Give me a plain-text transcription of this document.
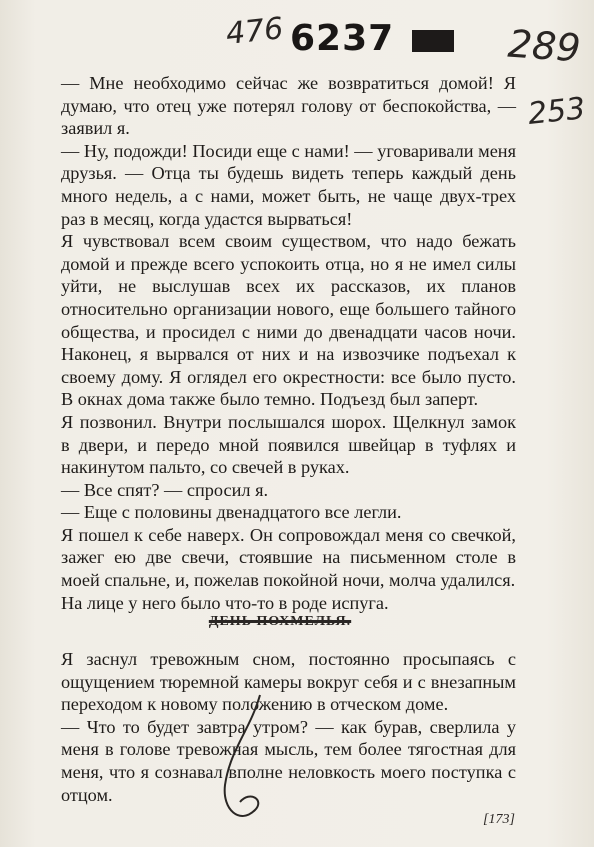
476 6237	289
253

— Мне необходимо сейчас же возвратиться домой! Я думаю, что отец уже потерял голову от беспокойства, — заявил я.

— Ну, подожди! Посиди еще с нами! — уговаривали меня друзья. — Отца ты будешь видеть теперь каждый день много недель, а с нами, может быть, не чаще двух-трех раз в месяц, когда удастся вырваться!

Я чувствовал всем своим существом, что надо бежать домой и прежде всего успокоить отца, но я не имел силы уйти, не выслушав всех их рассказов, их планов относительно организации нового, еще большего тайного общества, и просидел с ними до двенадцати часов ночи. Наконец, я вырвался от них и на извозчике подъехал к своему дому. Я оглядел его окрестности: все было пусто. В окнах дома также было темно. Подъезд был заперт.

Я позвонил. Внутри послышался шорох. Щелкнул замок в двери, и передо мной появился швейцар в туфлях и накинутом пальто, со свечей в руках.

— Все спят? — спросил я.

— Еще с половины двенадцатого все легли.

Я пошел к себе наверх. Он сопровождал меня со свечкой, зажег ею две свечи, стоявшие на письменном столе в моей спальне, и, пожелав покойной ночи, молча удалился.

На лице у него было что-то в роде испуга.

ДЕНЬ ПОХМЕЛЬЯ.

Я заснул тревожным сном, постоянно просыпаясь с ощущением тюремной камеры вокруг себя и с внезапным переходом к новому положению в отческом доме.

— Что то будет завтра утром? — как бурав, сверлила у меня в голове тревожная мысль, тем более тягостная для меня, что я сознавал вполне неловкость моего поступка с отцом.

[173]
